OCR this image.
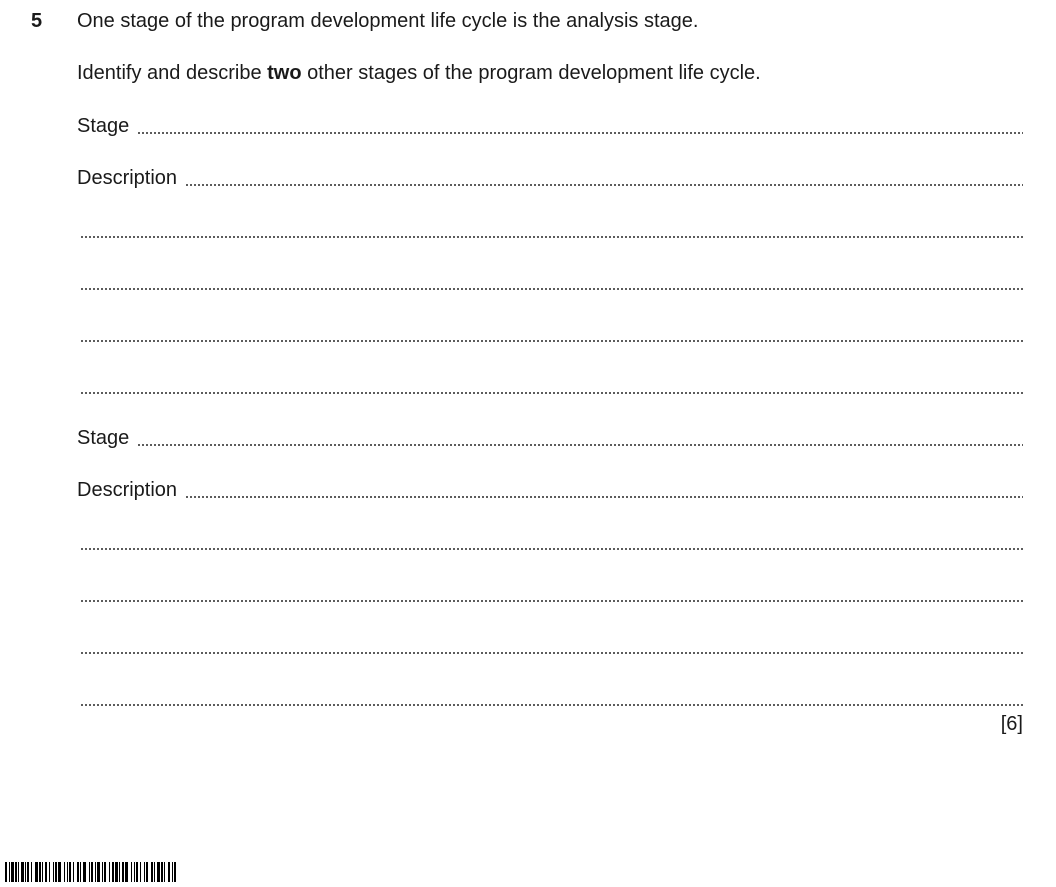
5 One stage of the program development life cycle is the analysis stage.
Identify and describe two other stages of the program development life cycle.
Stage
Description
Stage
Description
[6]
